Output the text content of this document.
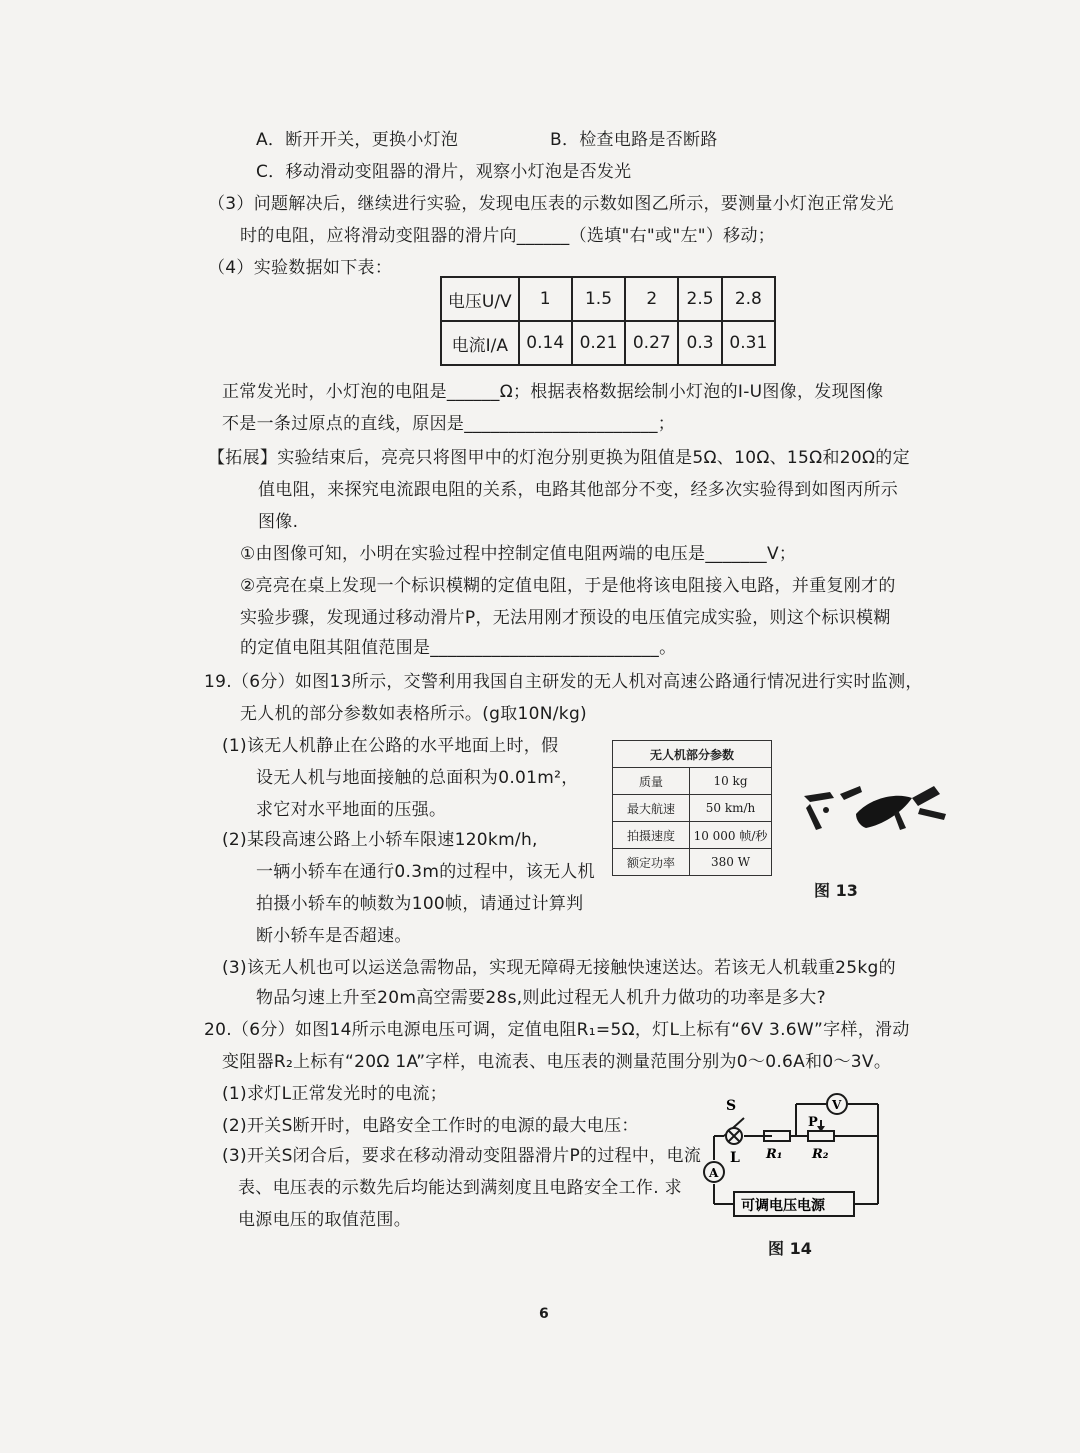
A．断开开关，更换小灯泡	B．检查电路是否断路
C．移动滑动变阻器的滑片，观察小灯泡是否发光
（3）问题解决后，继续进行实验，发现电压表的示数如图乙所示，要测量小灯泡正常发光
时的电阻，应将滑动变阻器的滑片向______（选填"右"或"左"）移动；
（4）实验数据如下表：
电压U/V	1	1.5	2	2.5	2.8
电流I/A	0.14	0.21	0.27	0.3	0.31
正常发光时，小灯泡的电阻是______Ω；根据表格数据绘制小灯泡的I-U图像，发现图像
不是一条过原点的直线，原因是______________________；
【拓展】实验结束后，亮亮只将图甲中的灯泡分别更换为阻值是5Ω、10Ω、15Ω和20Ω的定
值电阻，来探究电流跟电阻的关系，电路其他部分不变，经多次实验得到如图丙所示
图像.
①由图像可知，小明在实验过程中控制定值电阻两端的电压是_______V；
②亮亮在桌上发现一个标识模糊的定值电阻，于是他将该电阻接入电路，并重复刚才的
实验步骤，发现通过移动滑片P，无法用刚才预设的电压值完成实验，则这个标识模糊
的定值电阻其阻值范围是__________________________。
19.（6分）如图13所示，交警利用我国自主研发的无人机对高速公路通行情况进行实时监测，
无人机的部分参数如表格所示。(g取10N/kg)
(1)该无人机静止在公路的水平地面上时，假
设无人机与地面接触的总面积为0.01m²，
求它对水平地面的压强。
(2)某段高速公路上小轿车限速120km/h,
一辆小轿车在通行0.3m的过程中，该无人机
拍摄小轿车的帧数为100帧，请通过计算判
断小轿车是否超速。
无人机部分参数	
质量	10 kg
最大航速	50 km/h
拍摄速度	10 000 帧/秒
额定功率	380 W
图 13
(3)该无人机也可以运送急需物品，实现无障碍无接触快速送达。若该无人机载重25kg的
物品匀速上升至20m高空需要28s,则此过程无人机升力做功的功率是多大?
20.（6分）如图14所示电源电压可调，定值电阻R₁=5Ω，灯L上标有“6V 3.6W”字样，滑动
变阻器R₂上标有“20Ω 1A”字样，电流表、电压表的测量范围分别为0～0.6A和0～3V。
(1)求灯L正常发光时的电流；
(2)开关S断开时，电路安全工作时的电源的最大电压：
(3)开关S闭合后，要求在移动滑动变阻器滑片P的过程中，电流
表、电压表的示数先后均能达到满刻度且电路安全工作. 求
电源电压的取值范围。
S
L R₁ R₂
P
A
V
可调电压电源
图 14
6
